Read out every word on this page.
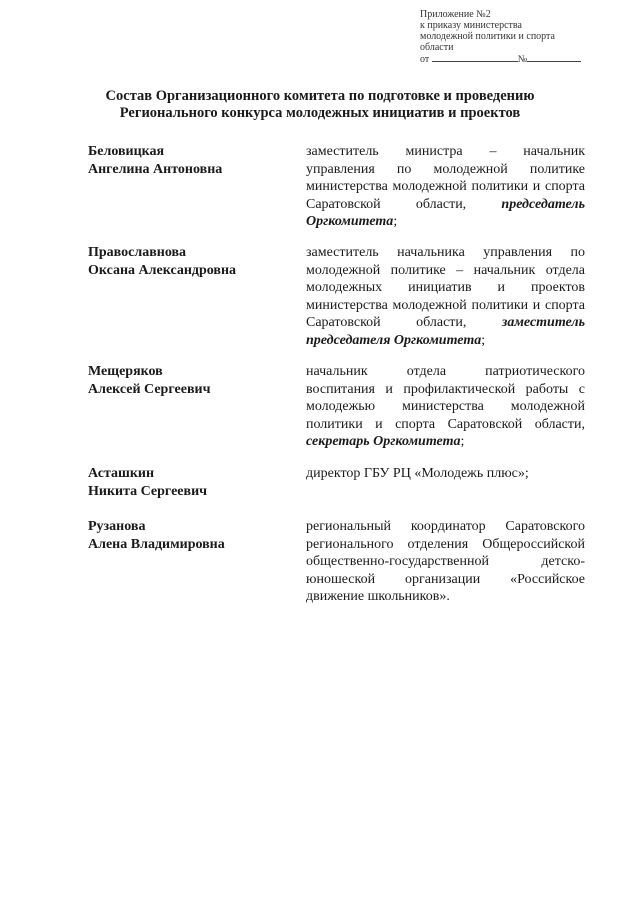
Приложение №2
к приказу министерства
молодежной политики и спорта
области
от	№
Состав Организационного комитета по подготовке и проведению
Регионального конкурса молодежных инициатив и проектов
Беловицкая
Ангелина Антоновна
заместитель министра – начальник управления по молодежной политике министерства молодежной политики и спорта Саратовской области, председатель Оргкомитета;
Православнова
Оксана Александровна
заместитель начальника управления по молодежной политике – начальник отдела молодежных инициатив и проектов министерства молодежной политики и спорта Саратовской области, заместитель председателя Оргкомитета;
Мещеряков
Алексей Сергеевич
начальник отдела патриотического воспитания и профилактической работы с молодежью министерства молодежной политики и спорта Саратовской области, секретарь Оргкомитета;
Асташкин
Никита Сергеевич
директор ГБУ РЦ «Молодежь плюс»;
Рузанова
Алена Владимировна
региональный координатор Саратовского регионального отделения Общероссийской общественно-государственной детско-юношеской организации «Российское движение школьников».
